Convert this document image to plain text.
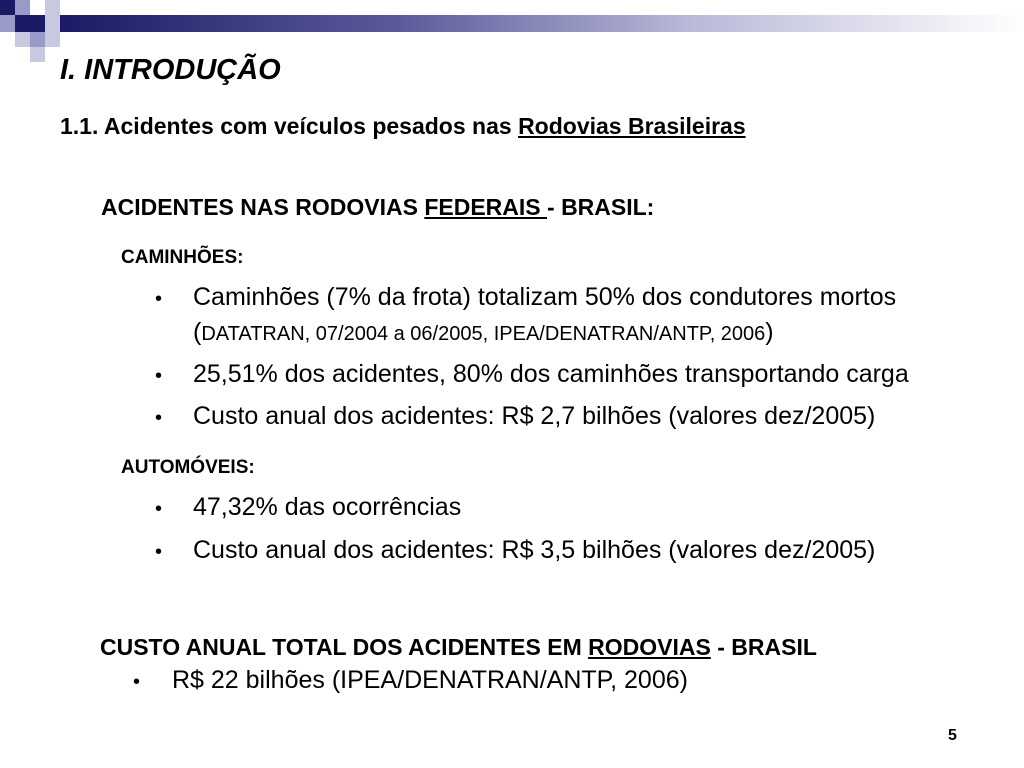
I. INTRODUÇÃO
1.1. Acidentes com veículos pesados nas Rodovias Brasileiras
ACIDENTES NAS RODOVIAS FEDERAIS - BRASIL:
CAMINHÕES:
• Caminhões (7% da frota) totalizam 50% dos condutores mortos
(DATATRAN, 07/2004 a 06/2005, IPEA/DENATRAN/ANTP, 2006)
• 25,51% dos acidentes, 80% dos caminhões transportando carga
• Custo anual dos acidentes: R$ 2,7 bilhões (valores dez/2005)
AUTOMÓVEIS:
• 47,32% das ocorrências
• Custo anual dos acidentes: R$ 3,5 bilhões (valores dez/2005)
CUSTO ANUAL TOTAL DOS ACIDENTES EM RODOVIAS - BRASIL
• R$ 22 bilhões (IPEA/DENATRAN/ANTP, 2006)
5
